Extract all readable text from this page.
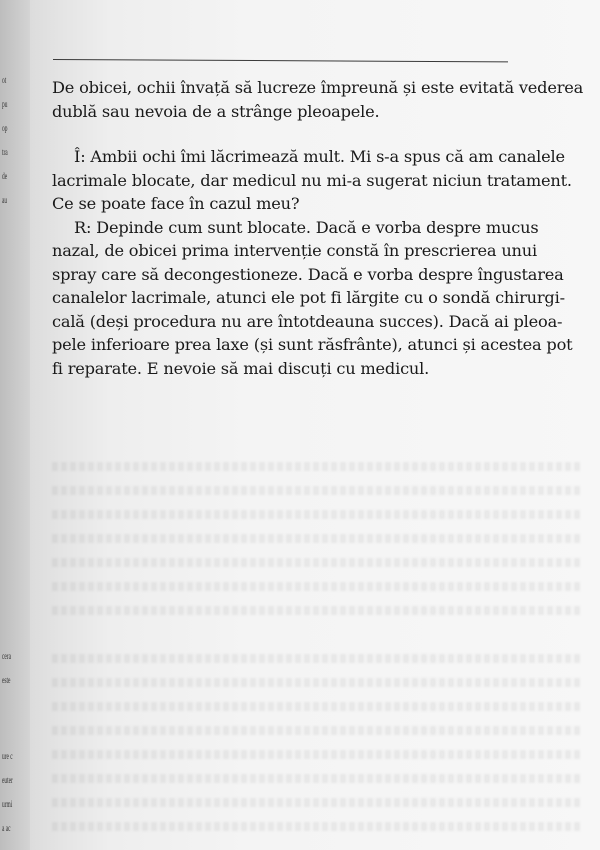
ot
pu
op
tra
de
au
cera
este
ure c
euter
urmi
a ac

De obicei, ochii învață să lucreze împreună și este evitată vederea
dublă sau nevoia de a strânge pleoapele.

Î: Ambii ochi îmi lăcrimează mult. Mi s-a spus că am canalele
lacrimale blocate, dar medicul nu mi-a sugerat niciun tratament.
Ce se poate face în cazul meu?

R: Depinde cum sunt blocate. Dacă e vorba despre mucus
nazal, de obicei prima intervenție constă în prescrierea unui
spray care să decongestioneze. Dacă e vorba despre îngustarea
canalelor lacrimale, atunci ele pot fi lărgite cu o sondă chirurgi-
cală (deși procedura nu are întotdeauna succes). Dacă ai pleoa-
pele inferioare prea laxe (și sunt răsfrânte), atunci și acestea pot
fi reparate. E nevoie să mai discuți cu medicul.
